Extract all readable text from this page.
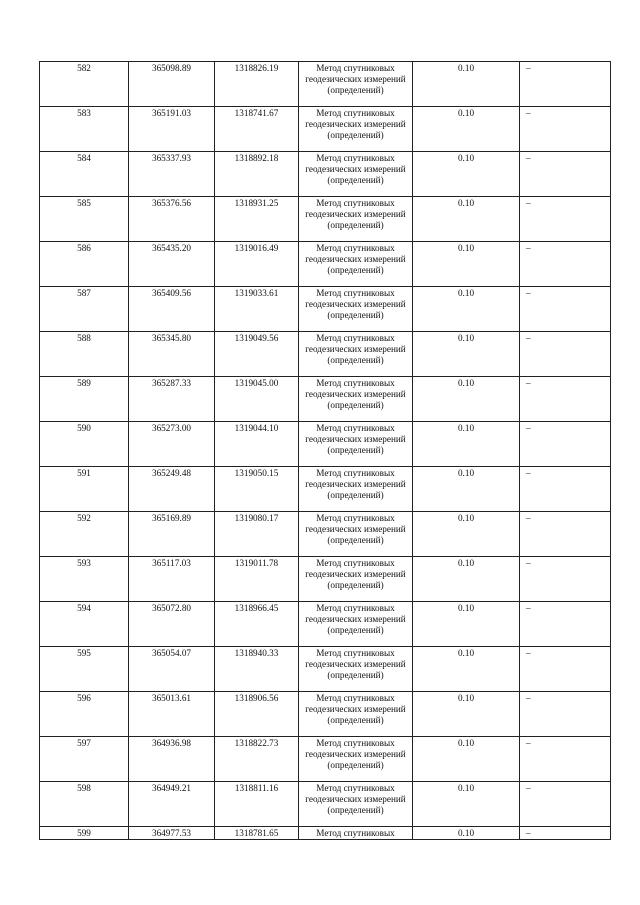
582	365098.89	1318826.19	Метод спутниковых геодезических измерений (определений)	0.10	–
583	365191.03	1318741.67	Метод спутниковых геодезических измерений (определений)	0.10	–
584	365337.93	1318892.18	Метод спутниковых геодезических измерений (определений)	0.10	–
585	365376.56	1318931.25	Метод спутниковых геодезических измерений (определений)	0.10	–
586	365435.20	1319016.49	Метод спутниковых геодезических измерений (определений)	0.10	–
587	365409.56	1319033.61	Метод спутниковых геодезических измерений (определений)	0.10	–
588	365345.80	1319049.56	Метод спутниковых геодезических измерений (определений)	0.10	–
589	365287.33	1319045.00	Метод спутниковых геодезических измерений (определений)	0.10	–
590	365273.00	1319044.10	Метод спутниковых геодезических измерений (определений)	0.10	–
591	365249.48	1319050.15	Метод спутниковых геодезических измерений (определений)	0.10	–
592	365169.89	1319080.17	Метод спутниковых геодезических измерений (определений)	0.10	–
593	365117.03	1319011.78	Метод спутниковых геодезических измерений (определений)	0.10	–
594	365072.80	1318966.45	Метод спутниковых геодезических измерений (определений)	0.10	–
595	365054.07	1318940.33	Метод спутниковых геодезических измерений (определений)	0.10	–
596	365013.61	1318906.56	Метод спутниковых геодезических измерений (определений)	0.10	–
597	364936.98	1318822.73	Метод спутниковых геодезических измерений (определений)	0.10	–
598	364949.21	1318811.16	Метод спутниковых геодезических измерений (определений)	0.10	–
599	364977.53	1318781.65	Метод спутниковых	0.10	–
